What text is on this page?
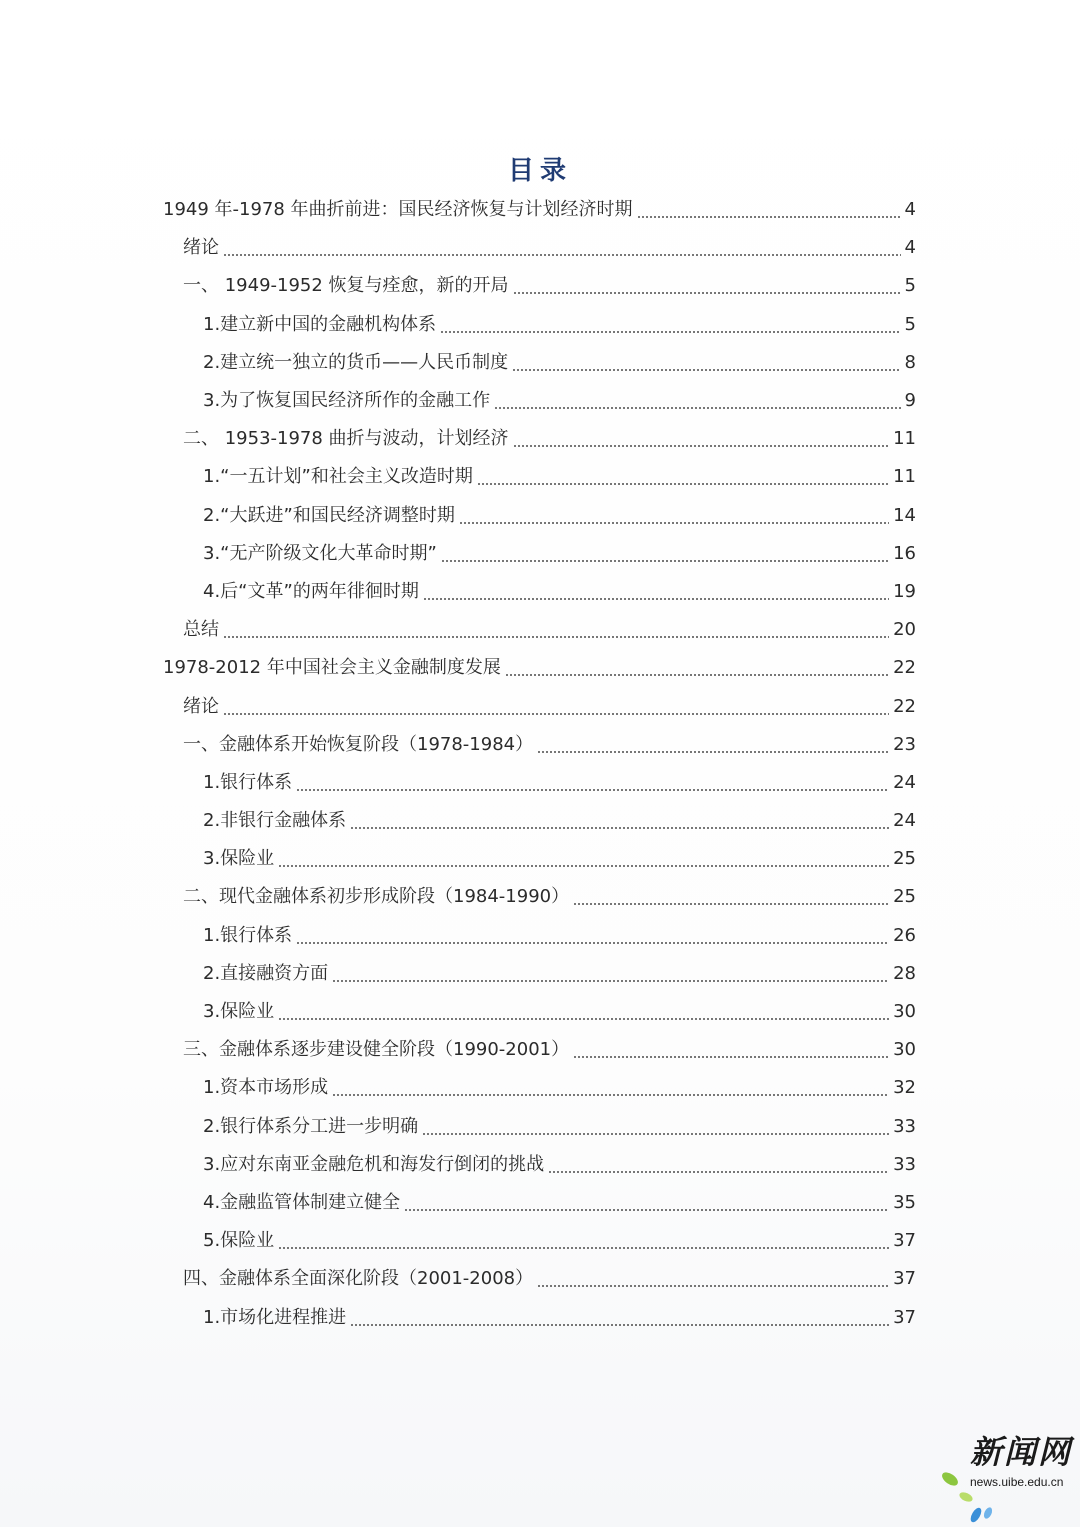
目录
1949 年-1978 年曲折前进：国民经济恢复与计划经济时期	4
绪论	4
一、 1949-1952 恢复与痊愈，新的开局	5
1.建立新中国的金融机构体系	5
2.建立统一独立的货币——人民币制度	8
3.为了恢复国民经济所作的金融工作	9
二、 1953-1978 曲折与波动，计划经济	11
1.“一五计划”和社会主义改造时期	11
2.“大跃进”和国民经济调整时期	14
3.“无产阶级文化大革命时期”	16
4.后“文革”的两年徘徊时期	19
总结	20
1978-2012 年中国社会主义金融制度发展	22
绪论	22
一、金融体系开始恢复阶段（1978-1984）	23
1.银行体系	24
2.非银行金融体系	24
3.保险业	25
二、现代金融体系初步形成阶段（1984-1990）	25
1.银行体系	26
2.直接融资方面	28
3.保险业	30
三、金融体系逐步建设健全阶段（1990-2001）	30
1.资本市场形成	32
2.银行体系分工进一步明确	33
3.应对东南亚金融危机和海发行倒闭的挑战	33
4.金融监管体制建立健全	35
5.保险业	37
四、金融体系全面深化阶段（2001-2008）	37
1.市场化进程推进	37
新闻网
news.uibe.edu.cn
